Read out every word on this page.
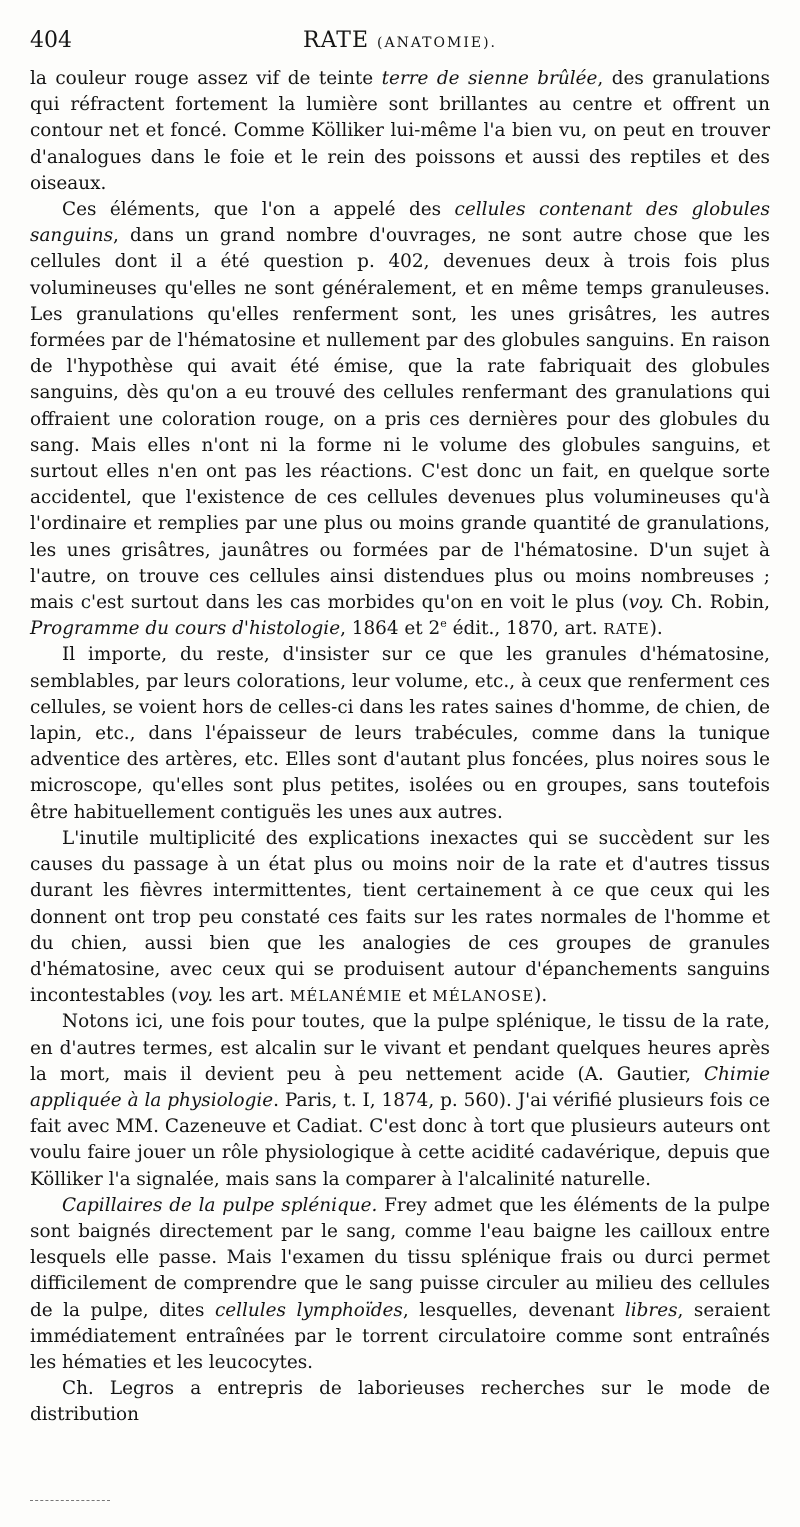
404	RATE (ANATOMIE).

la couleur rouge assez vif de teinte terre de sienne brûlée, des granulations qui réfractent fortement la lumière sont brillantes au centre et offrent un contour net et foncé. Comme Kölliker lui-même l'a bien vu, on peut en trouver d'analogues dans le foie et le rein des poissons et aussi des reptiles et des oiseaux.

Ces éléments, que l'on a appelé des cellules contenant des globules sanguins, dans un grand nombre d'ouvrages, ne sont autre chose que les cellules dont il a été question p. 402, devenues deux à trois fois plus volumineuses qu'elles ne sont généralement, et en même temps granuleuses. Les granulations qu'elles renferment sont, les unes grisâtres, les autres formées par de l'hématosine et nullement par des globules sanguins. En raison de l'hypothèse qui avait été émise, que la rate fabriquait des globules sanguins, dès qu'on a eu trouvé des cellules renfermant des granulations qui offraient une coloration rouge, on a pris ces dernières pour des globules du sang. Mais elles n'ont ni la forme ni le volume des globules sanguins, et surtout elles n'en ont pas les réactions. C'est donc un fait, en quelque sorte accidentel, que l'existence de ces cellules devenues plus volumineuses qu'à l'ordinaire et remplies par une plus ou moins grande quantité de granulations, les unes grisâtres, jaunâtres ou formées par de l'hématosine. D'un sujet à l'autre, on trouve ces cellules ainsi distendues plus ou moins nombreuses ; mais c'est surtout dans les cas morbides qu'on en voit le plus (voy. Ch. Robin, Programme du cours d'histologie, 1864 et 2e édit., 1870, art. RATE).

Il importe, du reste, d'insister sur ce que les granules d'hématosine, semblables, par leurs colorations, leur volume, etc., à ceux que renferment ces cellules, se voient hors de celles-ci dans les rates saines d'homme, de chien, de lapin, etc., dans l'épaisseur de leurs trabécules, comme dans la tunique adventice des artères, etc. Elles sont d'autant plus foncées, plus noires sous le microscope, qu'elles sont plus petites, isolées ou en groupes, sans toutefois être habituellement contiguës les unes aux autres.

L'inutile multiplicité des explications inexactes qui se succèdent sur les causes du passage à un état plus ou moins noir de la rate et d'autres tissus durant les fièvres intermittentes, tient certainement à ce que ceux qui les donnent ont trop peu constaté ces faits sur les rates normales de l'homme et du chien, aussi bien que les analogies de ces groupes de granules d'hématosine, avec ceux qui se produisent autour d'épanchements sanguins incontestables (voy. les art. MÉLANÉMIE et MÉLANOSE).

Notons ici, une fois pour toutes, que la pulpe splénique, le tissu de la rate, en d'autres termes, est alcalin sur le vivant et pendant quelques heures après la mort, mais il devient peu à peu nettement acide (A. Gautier, Chimie appliquée à la physiologie. Paris, t. I, 1874, p. 560). J'ai vérifié plusieurs fois ce fait avec MM. Cazeneuve et Cadiat. C'est donc à tort que plusieurs auteurs ont voulu faire jouer un rôle physiologique à cette acidité cadavérique, depuis que Kölliker l'a signalée, mais sans la comparer à l'alcalinité naturelle.

Capillaires de la pulpe splénique. Frey admet que les éléments de la pulpe sont baignés directement par le sang, comme l'eau baigne les cailloux entre lesquels elle passe. Mais l'examen du tissu splénique frais ou durci permet difficilement de comprendre que le sang puisse circuler au milieu des cellules de la pulpe, dites cellules lymphoïdes, lesquelles, devenant libres, seraient immédiatement entraînées par le torrent circulatoire comme sont entraînés les hématies et les leucocytes.

Ch. Legros a entrepris de laborieuses recherches sur le mode de distribution
